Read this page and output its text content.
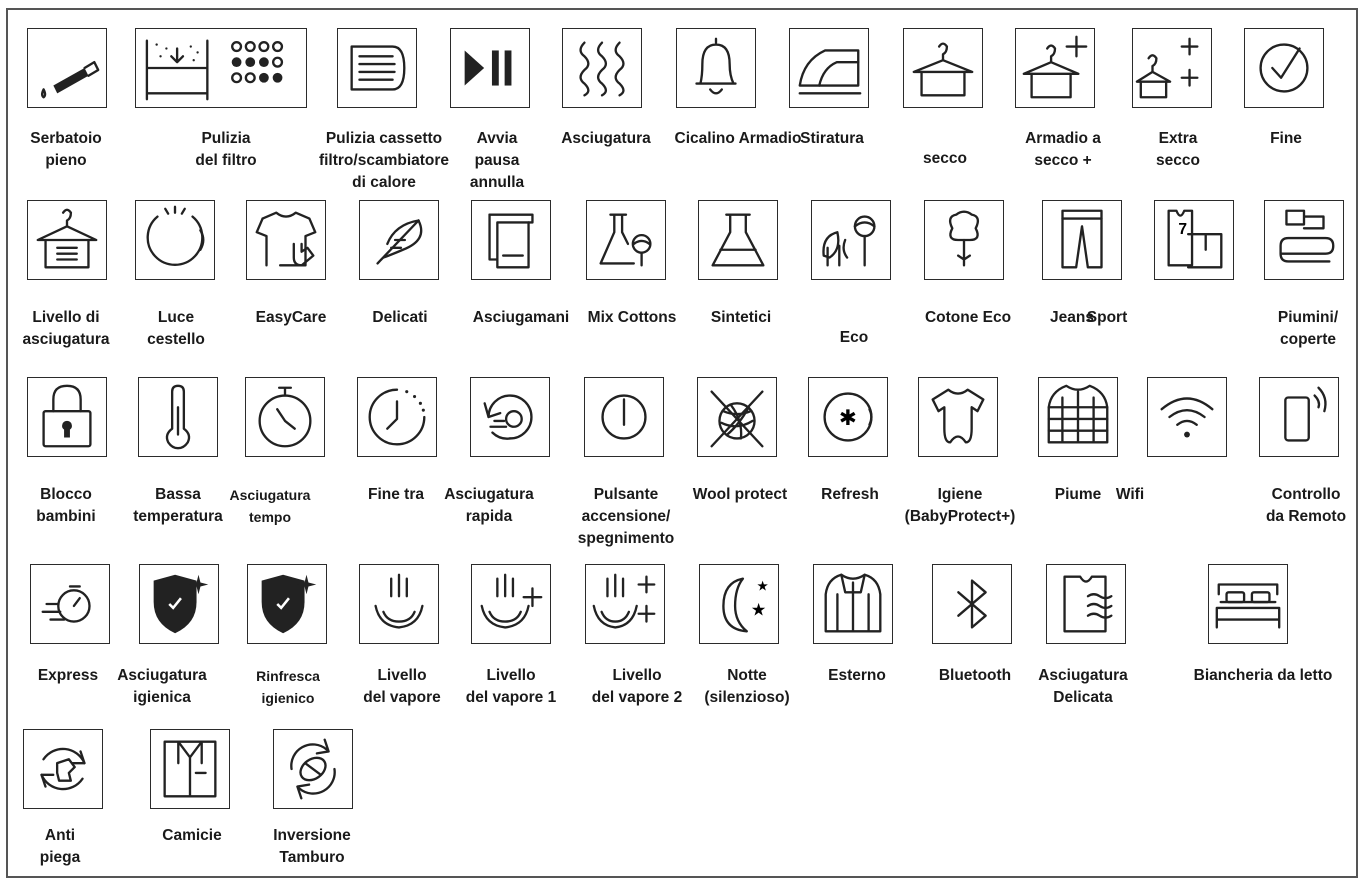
Serbatoio
pieno
Pulizia
del filtro
Pulizia cassetto
filtro/scambiatore
di calore
Avvia
pausa
annulla
Asciugatura Cicalino Armadio
Stiratura
secco
Armadio a
secco +
Extra
secco
Fine
Livello di
asciugatura
Luce
cestello
EasyCare	Delicati	Asciugamani Mix Cottons Sintetici
Eco
Cotone Eco	Jeans
7
Sport	Piumini/
coperte
Blocco
bambini
Bassa
temperatura
Asciugatura
tempo
Fine tra Asciugatura
rapida
Pulsante
accensione/
spegnimento
Wool protect
✱
Refresh	Igiene
(BabyProtect+)
Piume Wifi	Controllo
da Remoto
Express Asciugatura
igienica
Rinfresca
igienico
Livello
del vapore
Livello
del vapore 1
Livello
del vapore 2
★
★
Notte
(silenzioso)
Esterno	Bluetooth Asciugatura
Delicata
Biancheria da letto
Anti
piega
Camicie	Inversione
Tamburo
